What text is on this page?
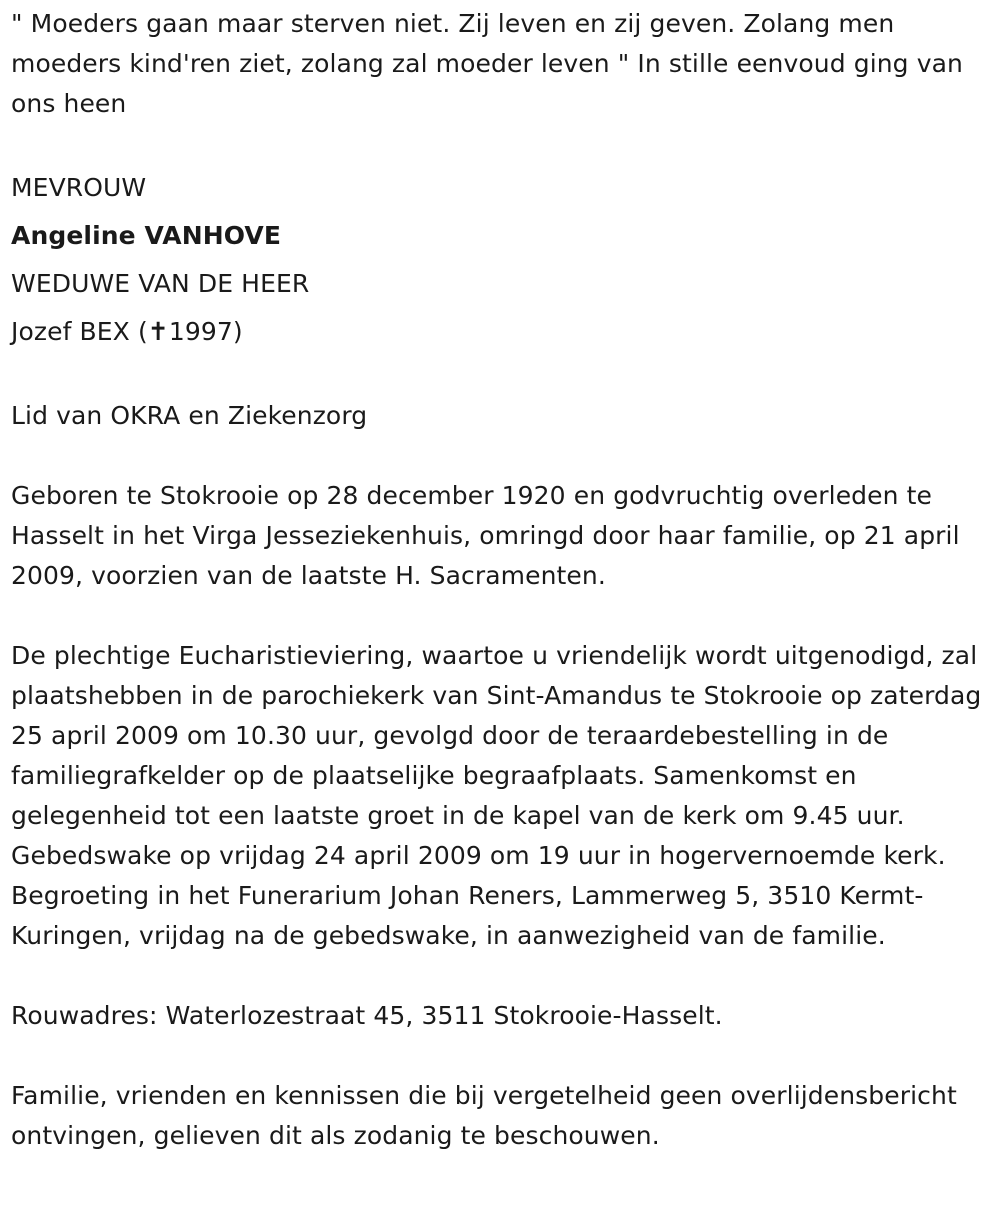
" Moeders gaan maar sterven niet. Zij leven en zij geven. Zolang men moeders kind'ren ziet, zolang zal moeder leven " In stille eenvoud ging van ons heen

MEVROUW

Angeline VANHOVE

WEDUWE VAN DE HEER

Jozef BEX (✝1997)

Lid van OKRA en Ziekenzorg

Geboren te Stokrooie op 28 december 1920 en godvruchtig overleden te Hasselt in het Virga Jesseziekenhuis, omringd door haar familie, op 21 april 2009, voorzien van de laatste H. Sacramenten.

De plechtige Eucharistieviering, waartoe u vriendelijk wordt uitgenodigd, zal plaatshebben in de parochiekerk van Sint-Amandus te Stokrooie op zaterdag 25 april 2009 om 10.30 uur, gevolgd door de teraardebestelling in de familiegrafkelder op de plaatselijke begraafplaats. Samenkomst en gelegenheid tot een laatste groet in de kapel van de kerk om 9.45 uur. Gebedswake op vrijdag 24 april 2009 om 19 uur in hogervernoemde kerk. Begroeting in het Funerarium Johan Reners, Lammerweg 5, 3510 Kermt-Kuringen, vrijdag na de gebedswake, in aanwezigheid van de familie.

Rouwadres: Waterlozestraat 45, 3511 Stokrooie-Hasselt.

Familie, vrienden en kennissen die bij vergetelheid geen overlijdensbericht ontvingen, gelieven dit als zodanig te beschouwen.
